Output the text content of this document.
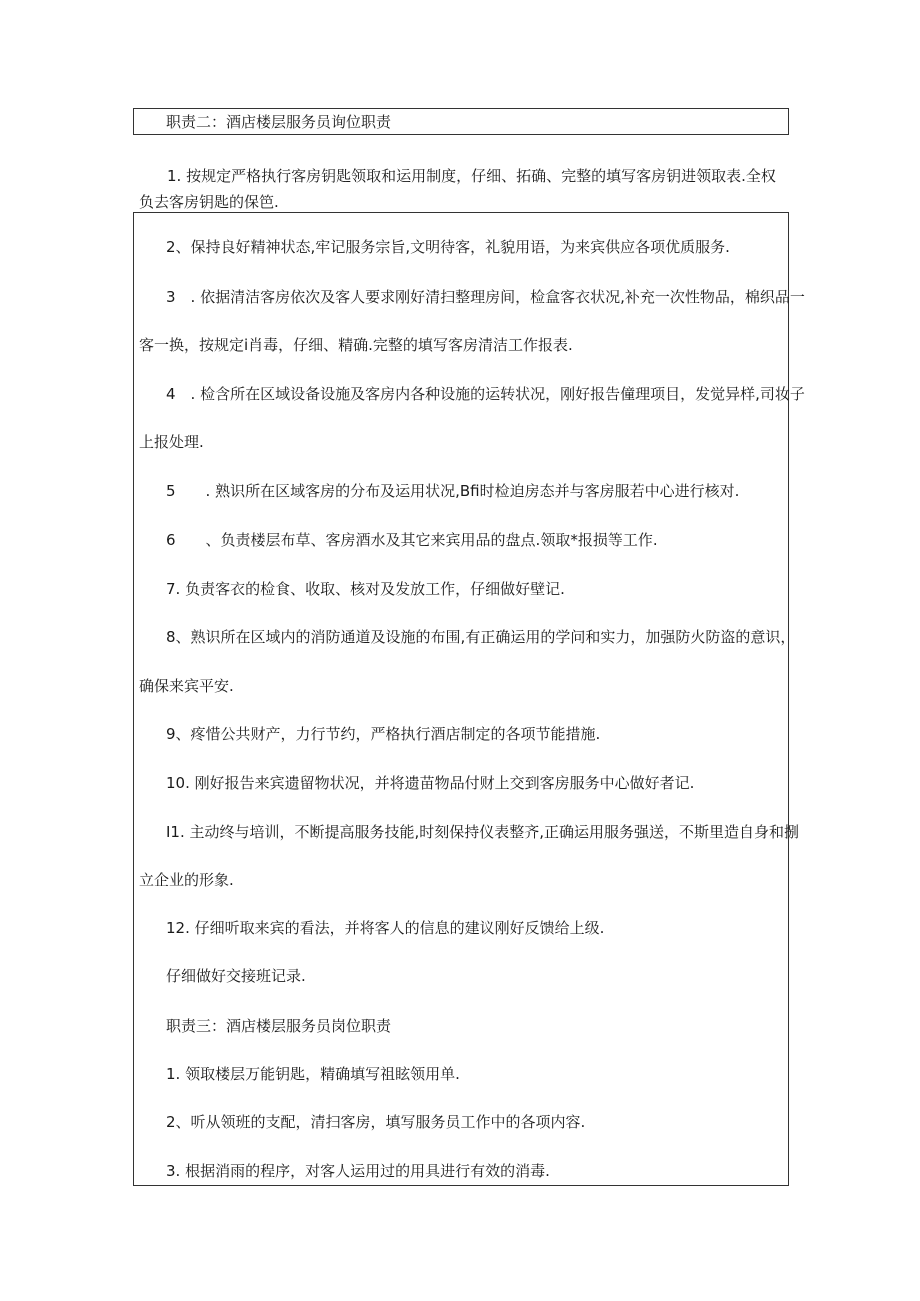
职责二：酒店楼层服务员询位职责

1. 按规定严格执行客房钥匙领取和运用制度，仔细、拓确、完整的填写客房钥进领取表.全权负去客房钥匙的保笆.

2、保持良好精神状态,牢记服务宗旨,文明待客，礼貌用语，为来宾供应各项优质服务.

3　. 依据清洁客房依次及客人要求刚好清扫整理房间，检盒客衣状况,补充一次性物品，棉织品一

客一换，按规定i肖毒，仔细、精确.完整的填写客房清洁工作报表.

4　. 检含所在区域设备设施及客房内各种设施的运转状况，刚好报告僮理项目，发觉异样,司妆子

上报处理.

5　　. 熟识所在区域客房的分布及运用状况,Bfi时检迫房态并与客房服若中心进行核对.

6　　、负责楼层布草、客房酒水及其它来宾用品的盘点.领取*报损等工作.

7. 负责客衣的检食、收取、核对及发放工作，仔细做好壁记.

8、熟识所在区域内的消防通道及设施的布围,有正确运用的学问和实力，加强防火防盗的意识，

确保来宾平安.

9、疼惜公共财产，力行节约，严格执行酒店制定的各项节能措施.

10. 刚好报告来宾遗留物状况，并将遗苗物品付财上交到客房服务中心做好者记.

I1. 主动终与培训，不断提高服务技能,时刻保持仪表整齐,正确运用服务强送，不斯里造自身和捌

立企业的形象.

12. 仔细听取来宾的看法，并将客人的信息的建议刚好反馈给上级.

仔细做好交接班记录.

职责三：酒店楼层服务员岗位职责

1. 领取楼层万能钥匙，精确填写祖眩领用单.

2、听从领班的支配，清扫客房，填写服务员工作中的各项内容.

3. 根据消雨的程序，对客人运用过的用具进行有效的消毒.
